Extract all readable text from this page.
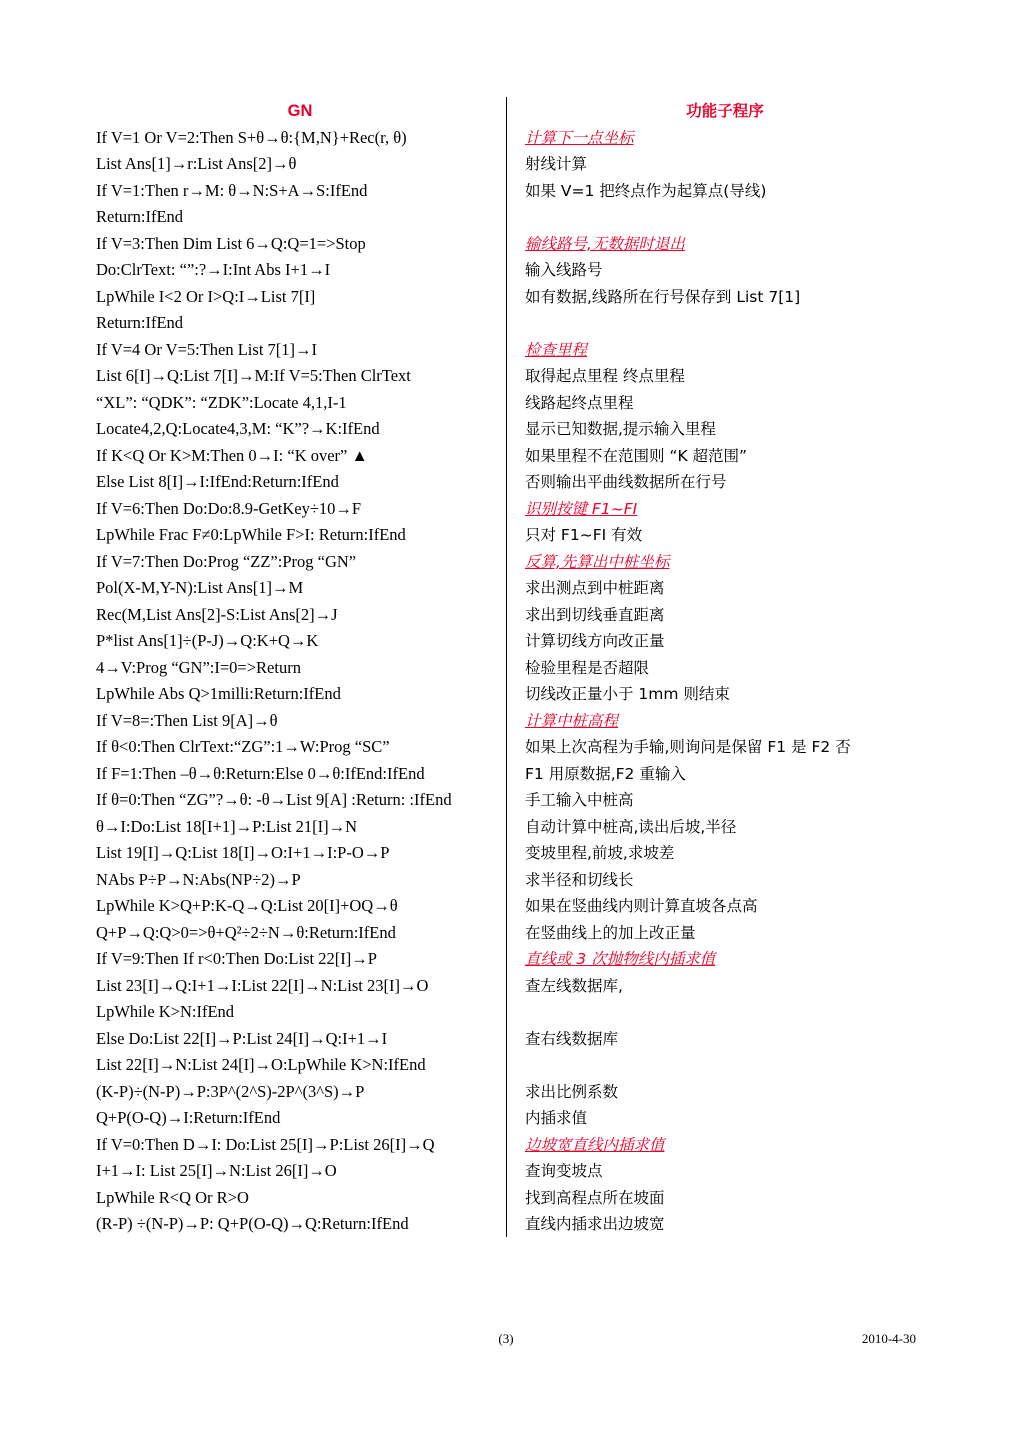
GN
If V=1 Or V=2:Then S+θ→θ:{M,N}+Rec(r, θ)
List Ans[1]→r:List Ans[2]→θ
If V=1:Then r→M: θ→N:S+A→S:IfEnd
Return:IfEnd
If V=3:Then Dim List 6→Q:Q=1=>Stop
Do:ClrText: “”:?→I:Int Abs I+1→I
LpWhile I<2 Or I>Q:I→List 7[I]
Return:IfEnd
If V=4 Or V=5:Then List 7[1]→I
List 6[I]→Q:List 7[I]→M:If V=5:Then ClrText
“XL”: “QDK”: “ZDK”:Locate 4,1,I-1
Locate4,2,Q:Locate4,3,M: “K”?→K:IfEnd
If K<Q Or K>M:Then 0→I: “K over” ▲
Else List 8[I]→I:IfEnd:Return:IfEnd
If V=6:Then Do:Do:8.9-GetKey÷10→F
LpWhile Frac F≠0:LpWhile F>I: Return:IfEnd
If V=7:Then Do:Prog “ZZ”:Prog “GN”
Pol(X-M,Y-N):List Ans[1]→M
Rec(M,List Ans[2]-S:List Ans[2]→J
P*list Ans[1]÷(P-J)→Q:K+Q→K
4→V:Prog “GN”:I=0=>Return
LpWhile Abs Q>1milli:Return:IfEnd
If V=8=:Then List 9[A]→θ
If θ<0:Then ClrText:“ZG”:1→W:Prog “SC”
If F=1:Then –θ→θ:Return:Else 0→θ:IfEnd:IfEnd
If θ=0:Then “ZG”?→θ: -θ→List 9[A] :Return: :IfEnd
θ→I:Do:List 18[I+1]→P:List 21[I]→N
List 19[I]→Q:List 18[I]→O:I+1→I:P-O→P
NAbs P÷P→N:Abs(NP÷2)→P
LpWhile K>Q+P:K-Q→Q:List 20[I]+OQ→θ
Q+P→Q:Q>0=>θ+Q²÷2÷N→θ:Return:IfEnd
If V=9:Then If r<0:Then Do:List 22[I]→P
List 23[I]→Q:I+1→I:List 22[I]→N:List 23[I]→O
LpWhile K>N:IfEnd
Else Do:List 22[I]→P:List 24[I]→Q:I+1→I
List 22[I]→N:List 24[I]→O:LpWhile K>N:IfEnd
(K-P)÷(N-P)→P:3P^(2^S)-2P^(3^S)→P
Q+P(O-Q)→I:Return:IfEnd
If V=0:Then D→I: Do:List 25[I]→P:List 26[I]→Q
I+1→I: List 25[I]→N:List 26[I]→O
LpWhile R<Q Or R>O
(R-P) ÷(N-P)→P: Q+P(O-Q)→Q:Return:IfEnd
功能子程序
计算下一点坐标
射线计算
如果 V=1 把终点作为起算点(导线)
输线路号,无数据时退出
输入线路号
如有数据,线路所在行号保存到 List 7[1]
检查里程
取得起点里程 终点里程
线路起终点里程
显示已知数据,提示输入里程
如果里程不在范围则 “K 超范围”
否则输出平曲线数据所在行号
识别按键 F1~FI
只对 F1~FI 有效
反算,先算出中桩坐标
求出测点到中桩距离
求出到切线垂直距离
计算切线方向改正量
检验里程是否超限
切线改正量小于 1mm 则结束
计算中桩高程
如果上次高程为手输,则询问是保留 F1 是 F2 否
F1 用原数据,F2 重输入
手工输入中桩高
自动计算中桩高,读出后坡,半径
变坡里程,前坡,求坡差
求半径和切线长
如果在竖曲线内则计算直坡各点高
在竖曲线上的加上改正量
直线或 3 次抛物线内插求值
查左线数据库,
查右线数据库
求出比例系数
内插求值
边坡宽直线内插求值
查询变坡点
找到高程点所在坡面
直线内插求出边坡宽
(3)	2010-4-30
